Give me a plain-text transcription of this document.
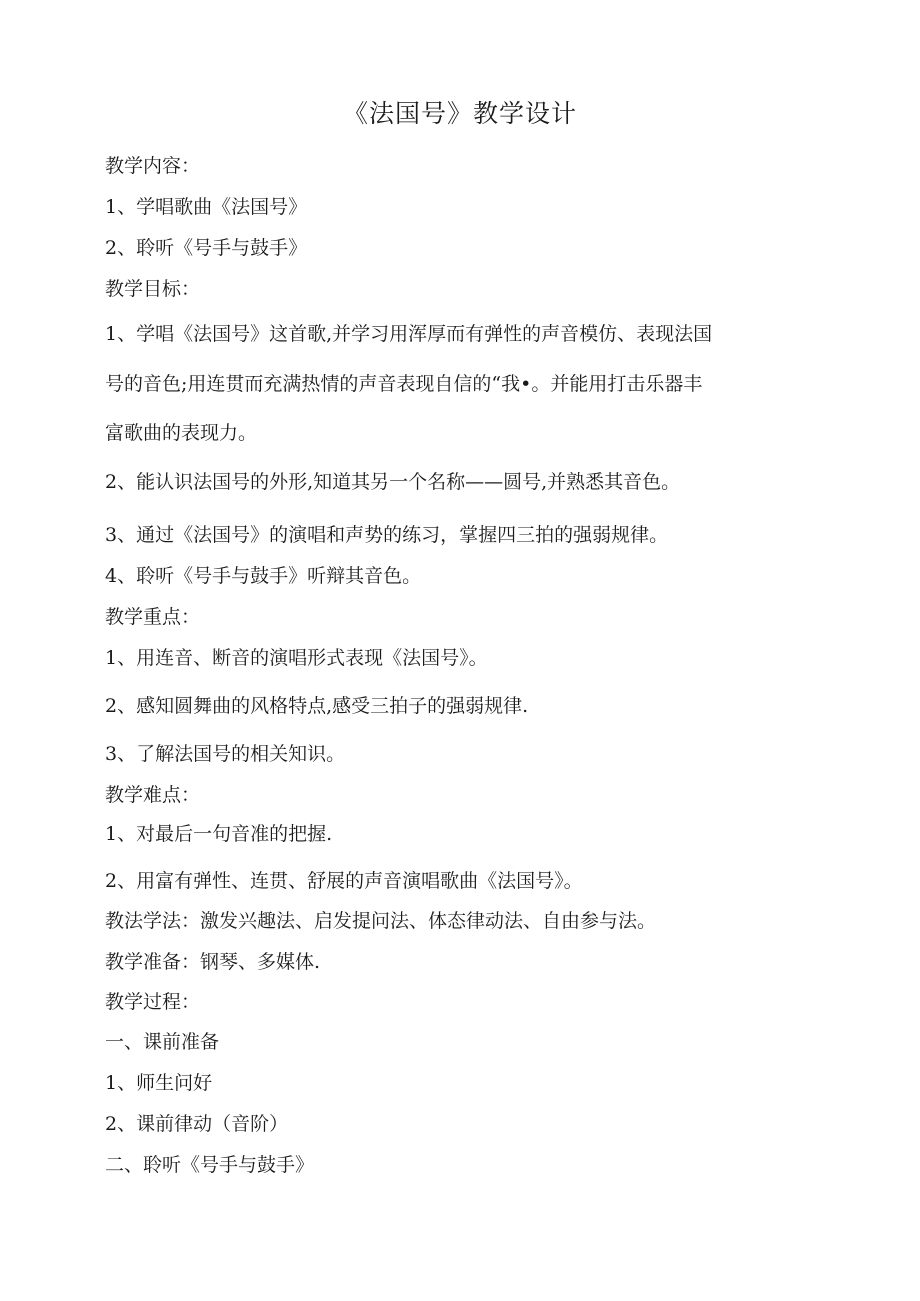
《法国号》教学设计

教学内容：

1、学唱歌曲《法国号》

2、聆听《号手与鼓手》

教学目标：

1、学唱《法国号》这首歌,并学习用浑厚而有弹性的声音模仿、表现法国

号的音色;用连贯而充满热情的声音表现自信的“我•。并能用打击乐器丰

富歌曲的表现力。

2、能认识法国号的外形,知道其另一个名称——圆号,并熟悉其音色。

3、通过《法国号》的演唱和声势的练习，掌握四三拍的强弱规律。

4、聆听《号手与鼓手》听辩其音色。

教学重点：

1、用连音、断音的演唱形式表现《法国号》。

2、感知圆舞曲的风格特点,感受三拍子的强弱规律.

3、了解法国号的相关知识。

教学难点：

1、对最后一句音准的把握.

2、用富有弹性、连贯、舒展的声音演唱歌曲《法国号》。

教法学法：激发兴趣法、启发提问法、体态律动法、自由参与法。

教学准备：钢琴、多媒体.

教学过程：

一、课前准备

1、师生问好

2、课前律动（音阶）

二、聆听《号手与鼓手》
